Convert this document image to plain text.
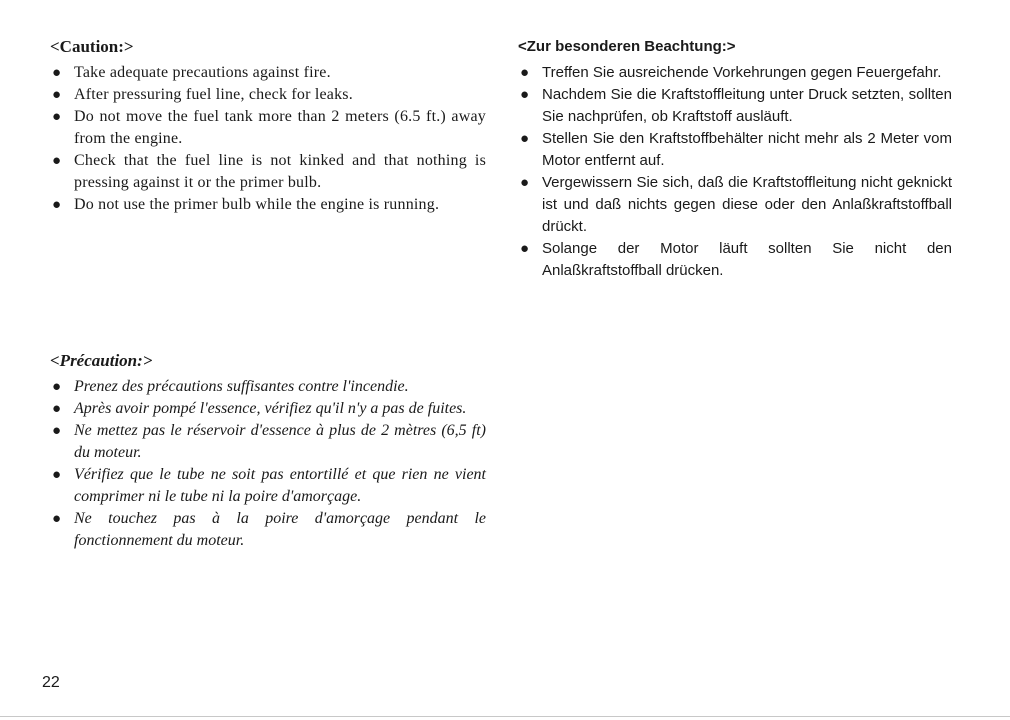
<Caution:>
● Take adequate precautions against fire.
● After pressuring fuel line, check for leaks.
● Do not move the fuel tank more than 2 meters (6.5 ft.) away from the engine.
● Check that the fuel line is not kinked and that nothing is pressing against it or the primer bulb.
● Do not use the primer bulb while the engine is running.
<Zur besonderen Beachtung:>
● Treffen Sie ausreichende Vorkehrungen gegen Feuergefahr.
● Nachdem Sie die Kraftstoffleitung unter Druck setzten, sollten Sie nachprüfen, ob Kraftstoff ausläuft.
● Stellen Sie den Kraftstoffbehälter nicht mehr als 2 Meter vom Motor entfernt auf.
● Vergewissern Sie sich, daß die Kraftstoffleitung nicht geknickt ist und daß nichts gegen diese oder den Anlaßkraftstoffball drückt.
● Solange der Motor läuft sollten Sie nicht den Anlaßkraftstoffball drücken.
<Précaution:>
● Prenez des précautions suffisantes contre l'incendie.
● Après avoir pompé l'essence, vérifiez qu'il n'y a pas de fuites.
● Ne mettez pas le réservoir d'essence à plus de 2 mètres (6,5 ft) du moteur.
● Vérifiez que le tube ne soit pas entortillé et que rien ne vient comprimer ni le tube ni la poire d'amorçage.
● Ne touchez pas à la poire d'amorçage pendant le fonctionnement du moteur.
22
